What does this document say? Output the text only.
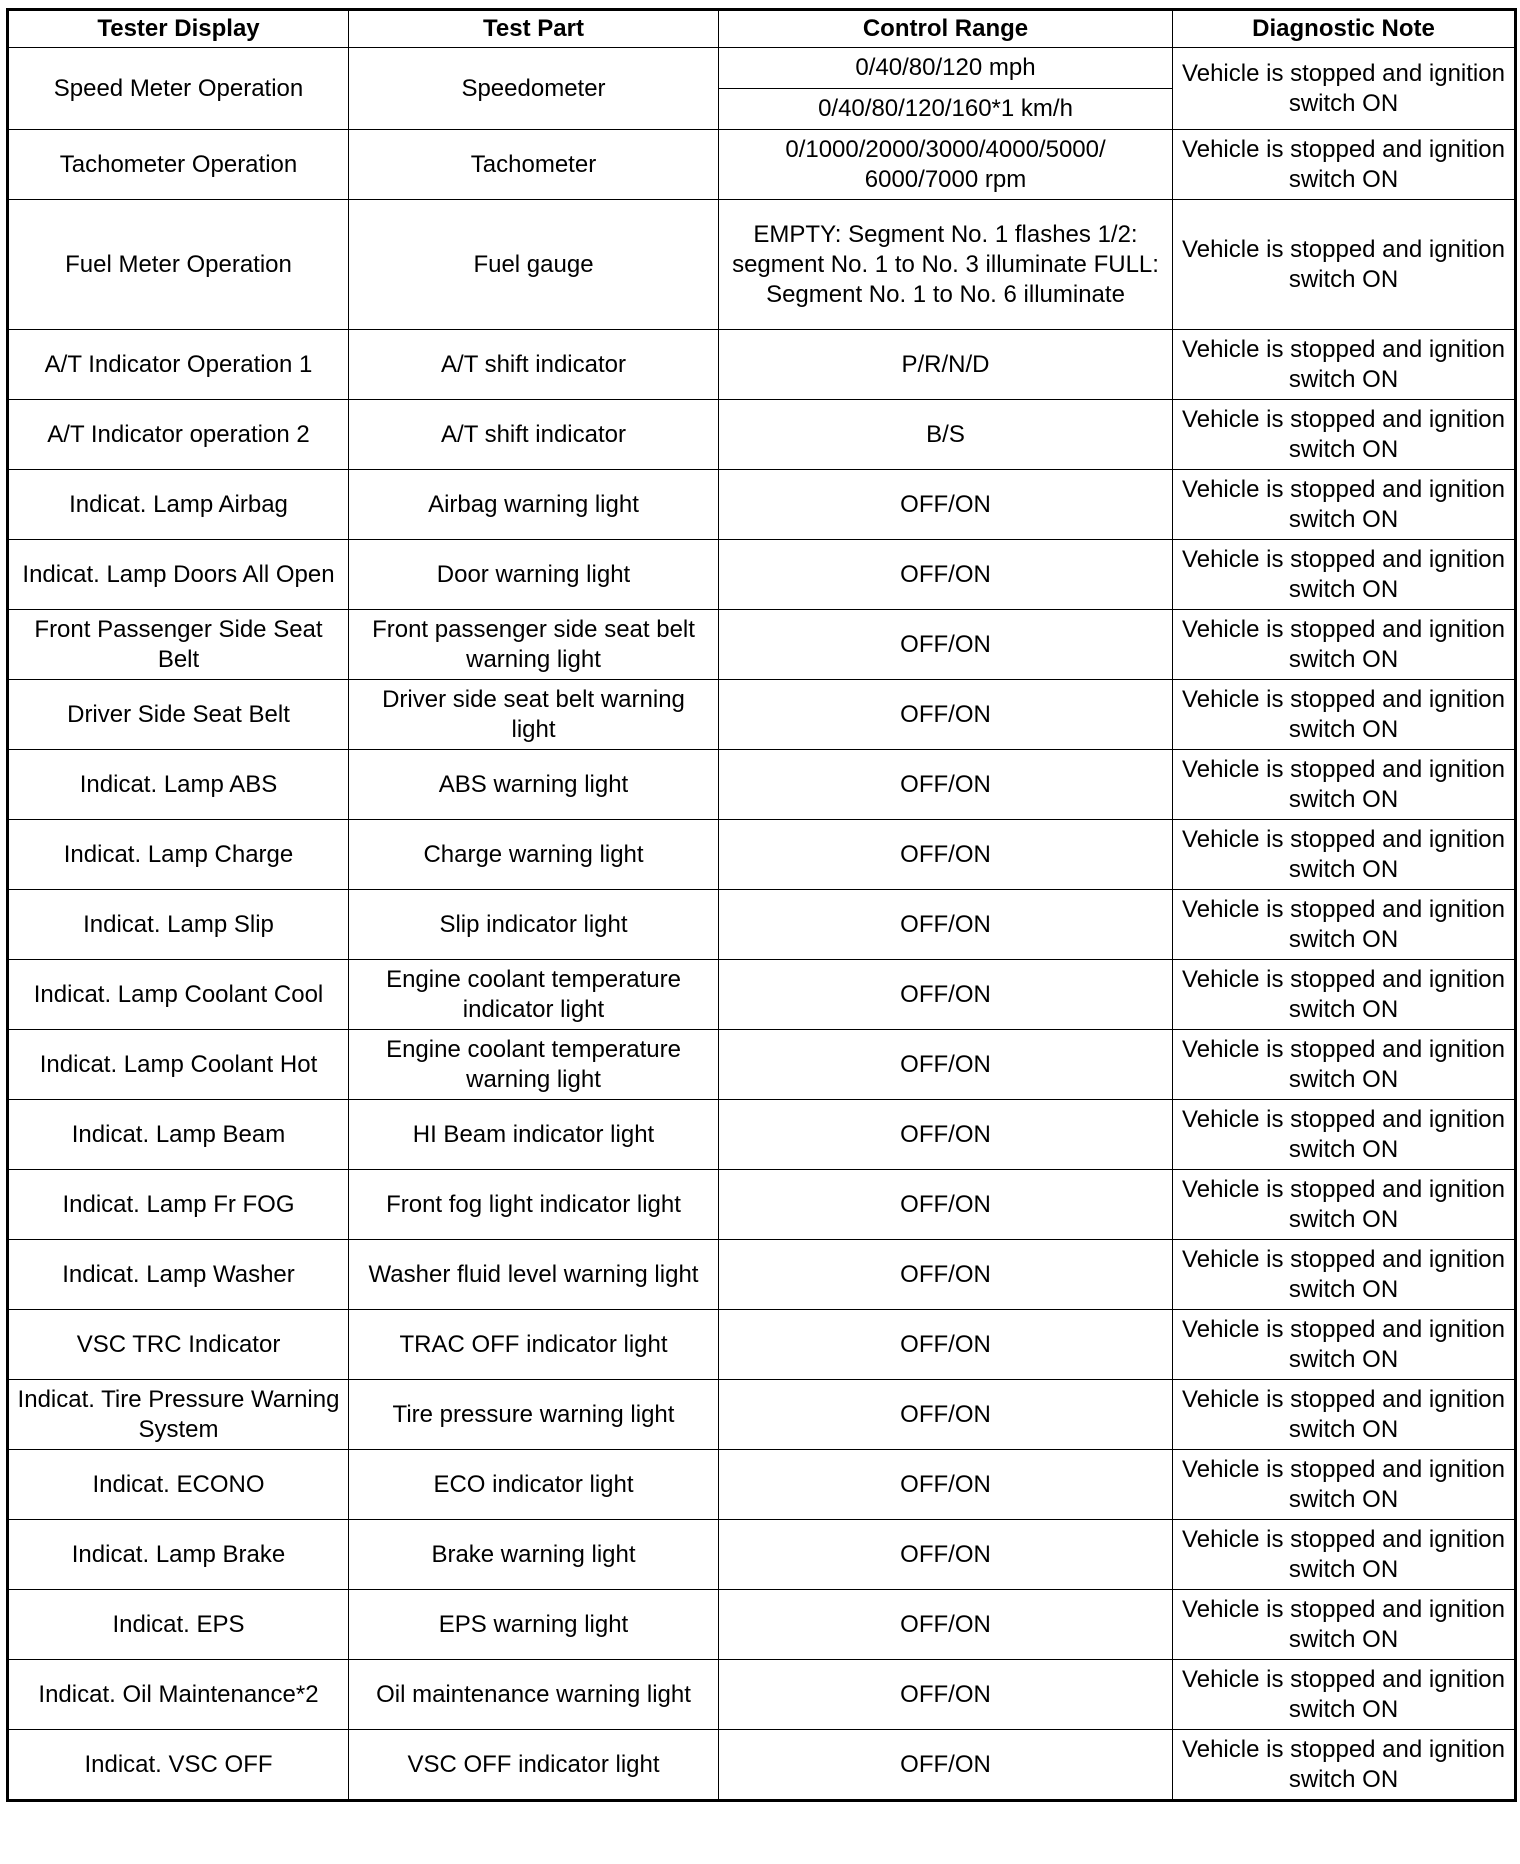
Tester Display	Test Part	Control Range	Diagnostic Note
Speed Meter Operation	Speedometer	0/40/80/120 mph	Vehicle is stopped and ignition switch ON
		0/40/80/120/160*1 km/h	
Tachometer Operation	Tachometer	0/1000/2000/3000/4000/5000/ 6000/7000 rpm	Vehicle is stopped and ignition switch ON
Fuel Meter Operation	Fuel gauge	EMPTY: Segment No. 1 flashes 1/2: segment No. 1 to No. 3 illuminate FULL: Segment No. 1 to No. 6 illuminate	Vehicle is stopped and ignition switch ON
A/T Indicator Operation 1	A/T shift indicator	P/R/N/D	Vehicle is stopped and ignition switch ON
A/T Indicator operation 2	A/T shift indicator	B/S	Vehicle is stopped and ignition switch ON
Indicat. Lamp Airbag	Airbag warning light	OFF/ON	Vehicle is stopped and ignition switch ON
Indicat. Lamp Doors All Open	Door warning light	OFF/ON	Vehicle is stopped and ignition switch ON
Front Passenger Side Seat Belt	Front passenger side seat belt warning light	OFF/ON	Vehicle is stopped and ignition switch ON
Driver Side Seat Belt	Driver side seat belt warning light	OFF/ON	Vehicle is stopped and ignition switch ON
Indicat. Lamp ABS	ABS warning light	OFF/ON	Vehicle is stopped and ignition switch ON
Indicat. Lamp Charge	Charge warning light	OFF/ON	Vehicle is stopped and ignition switch ON
Indicat. Lamp Slip	Slip indicator light	OFF/ON	Vehicle is stopped and ignition switch ON
Indicat. Lamp Coolant Cool	Engine coolant temperature indicator light	OFF/ON	Vehicle is stopped and ignition switch ON
Indicat. Lamp Coolant Hot	Engine coolant temperature warning light	OFF/ON	Vehicle is stopped and ignition switch ON
Indicat. Lamp Beam	HI Beam indicator light	OFF/ON	Vehicle is stopped and ignition switch ON
Indicat. Lamp Fr FOG	Front fog light indicator light	OFF/ON	Vehicle is stopped and ignition switch ON
Indicat. Lamp Washer	Washer fluid level warning light	OFF/ON	Vehicle is stopped and ignition switch ON
VSC TRC Indicator	TRAC OFF indicator light	OFF/ON	Vehicle is stopped and ignition switch ON
Indicat. Tire Pressure Warning System	Tire pressure warning light	OFF/ON	Vehicle is stopped and ignition switch ON
Indicat. ECONO	ECO indicator light	OFF/ON	Vehicle is stopped and ignition switch ON
Indicat. Lamp Brake	Brake warning light	OFF/ON	Vehicle is stopped and ignition switch ON
Indicat. EPS	EPS warning light	OFF/ON	Vehicle is stopped and ignition switch ON
Indicat. Oil Maintenance*2	Oil maintenance warning light	OFF/ON	Vehicle is stopped and ignition switch ON
Indicat. VSC OFF	VSC OFF indicator light	OFF/ON	Vehicle is stopped and ignition switch ON
